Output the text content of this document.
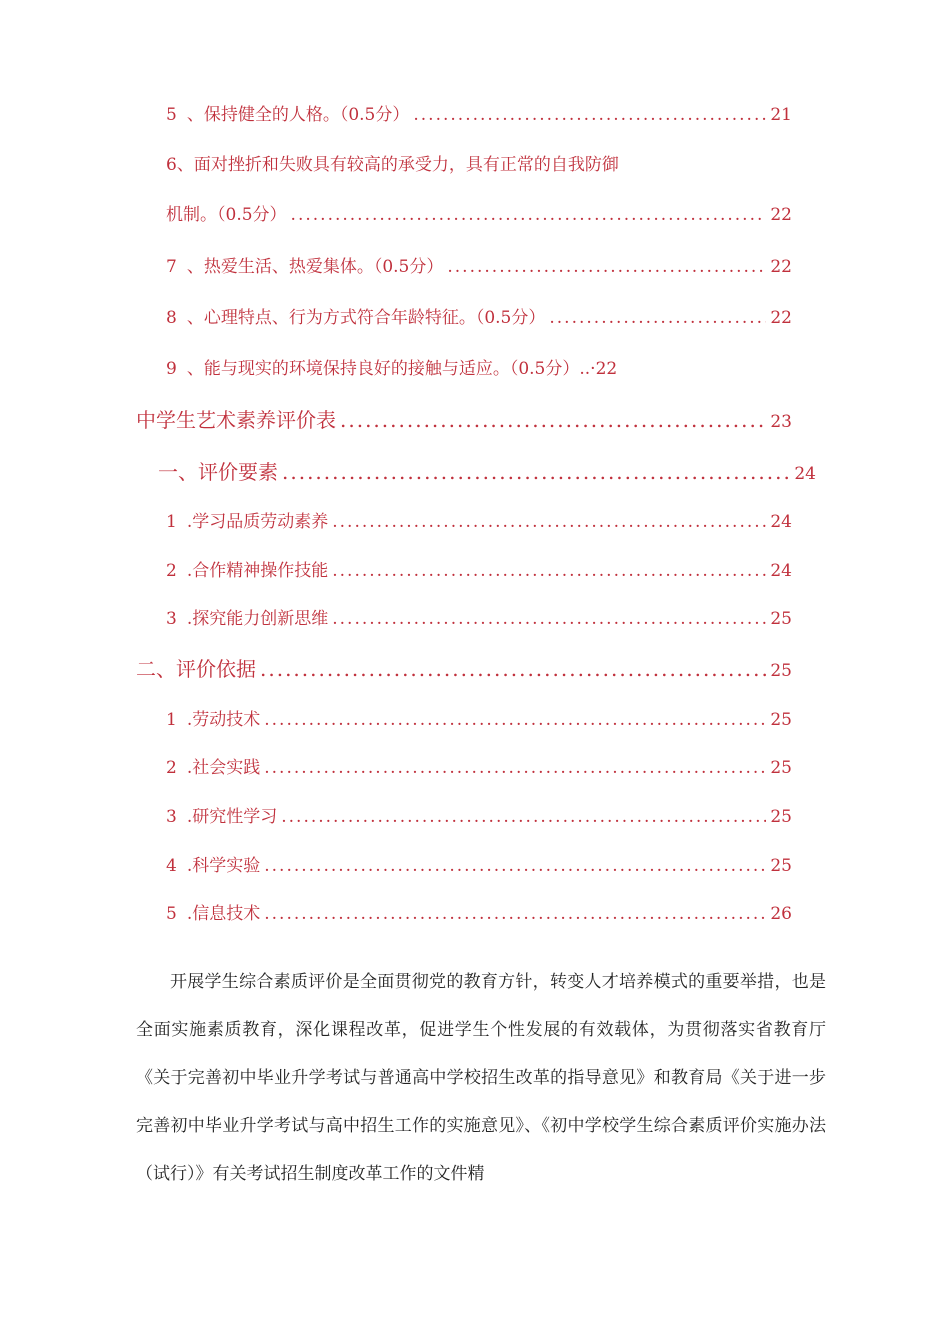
5 、保持健全的人格。（0.5分） .....	21
6、面对挫折和失败具有较高的承受力，具有正常的自我防御
机制。（0.5分） .....	22
7 、热爱生活、热爱集体。（0.5分） .....	22
8 、心理特点、行为方式符合年龄特征。（0.5分） .....	22
9 、能与现实的环境保持良好的接触与适应。（0.5分）.. ·22
中学生艺术素养评价表 .....	23
一、评价要素 .....	24
1 .学习品质劳动素养 .....	24
2 .合作精神操作技能 .....	24
3 .探究能力创新思维 .....	25
二、评价依据 .....	25
1 .劳动技术 .....	25
2 .社会实践 .....	25
3 .研究性学习 .....	25
4 .科学实验 .....	25
5 .信息技术 .....	26

开展学生综合素质评价是全面贯彻党的教育方针，转变人才培养模式的重要举措，也是全面实施素质教育，深化课程改革，促进学生个性发展的有效载体，为贯彻落实省教育厅《关于完善初中毕业升学考试与普通高中学校招生改革的指导意见》和教育局《关于进一步完善初中毕业升学考试与高中招生工作的实施意见》、《初中学校学生综合素质评价实施办法（试行）》有关考试招生制度改革工作的文件精
